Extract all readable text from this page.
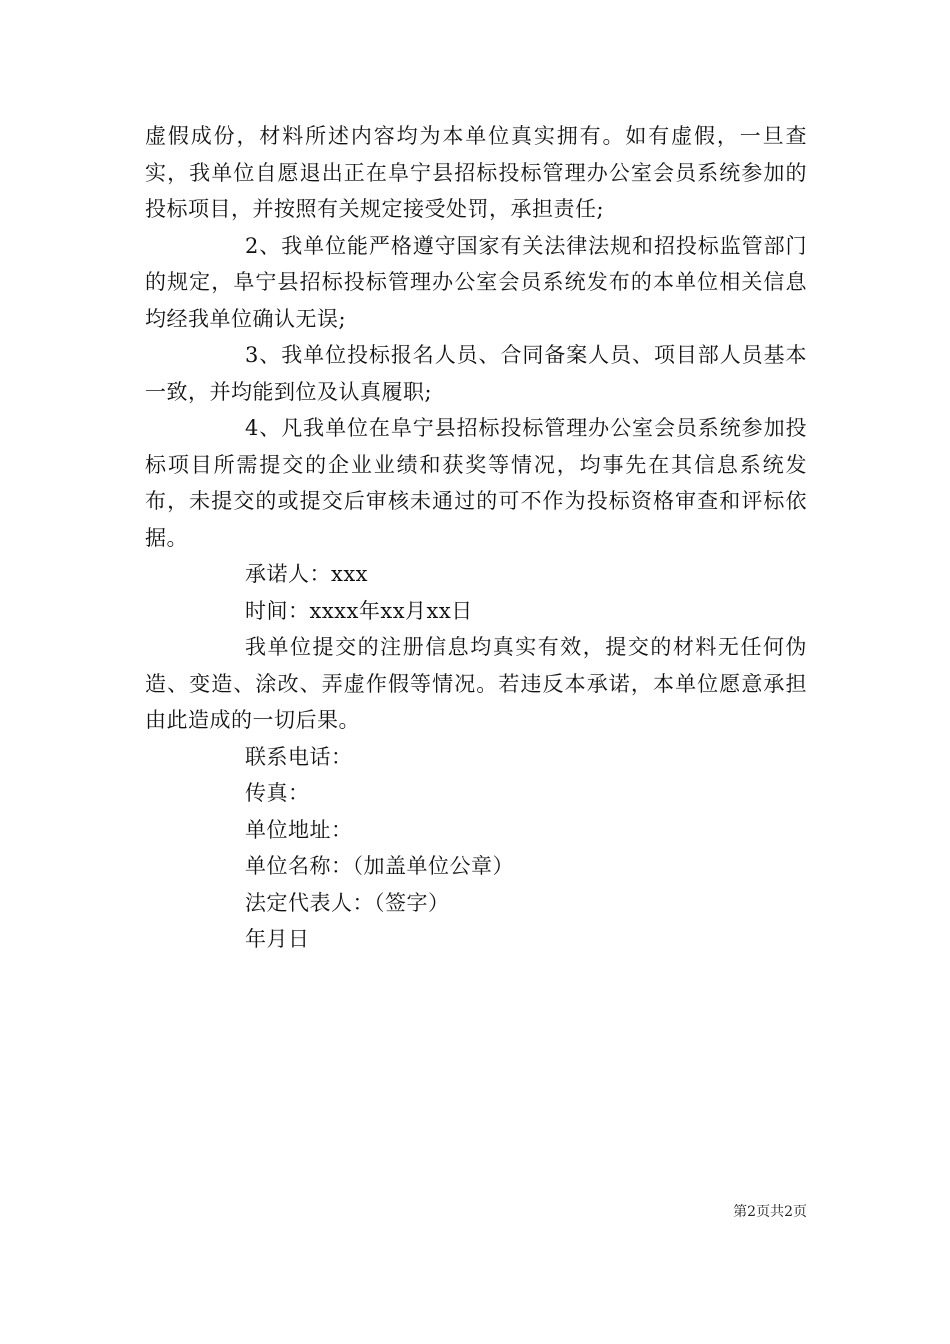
虚假成份，材料所述内容均为本单位真实拥有。如有虚假，一旦查实，我单位自愿退出正在阜宁县招标投标管理办公室会员系统参加的投标项目，并按照有关规定接受处罚，承担责任;

2、我单位能严格遵守国家有关法律法规和招投标监管部门的规定，阜宁县招标投标管理办公室会员系统发布的本单位相关信息均经我单位确认无误;

3、我单位投标报名人员、合同备案人员、项目部人员基本一致，并均能到位及认真履职;

4、凡我单位在阜宁县招标投标管理办公室会员系统参加投标项目所需提交的企业业绩和获奖等情况，均事先在其信息系统发布，未提交的或提交后审核未通过的可不作为投标资格审查和评标依据。

承诺人：xxx

时间：xxxx年xx月xx日

我单位提交的注册信息均真实有效，提交的材料无任何伪造、变造、涂改、弄虚作假等情况。若违反本承诺，本单位愿意承担由此造成的一切后果。

联系电话：

传真：

单位地址：

单位名称：（加盖单位公章）

法定代表人：（签字）

年月日

第2页共2页
